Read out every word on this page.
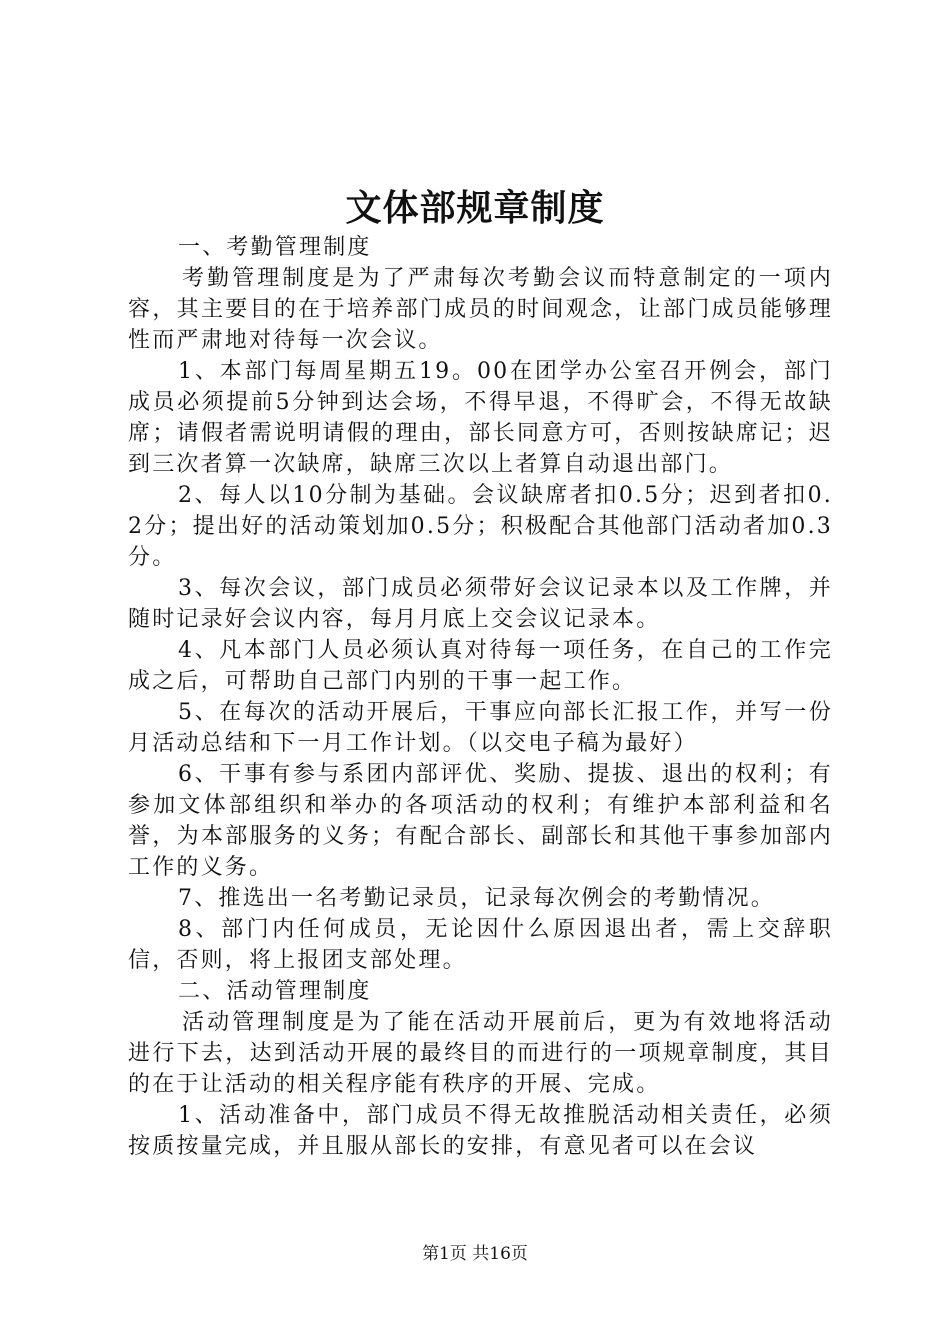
文体部规章制度

一、考勤管理制度

考勤管理制度是为了严肃每次考勤会议而特意制定的一项内容，其主要目的在于培养部门成员的时间观念，让部门成员能够理性而严肃地对待每一次会议。

1、本部门每周星期五19。00在团学办公室召开例会，部门成员必须提前5分钟到达会场，不得早退，不得旷会，不得无故缺席；请假者需说明请假的理由，部长同意方可，否则按缺席记；迟到三次者算一次缺席，缺席三次以上者算自动退出部门。

2、每人以10分制为基础。会议缺席者扣0.5分；迟到者扣0.2分；提出好的活动策划加0.5分；积极配合其他部门活动者加0.3分。

3、每次会议，部门成员必须带好会议记录本以及工作牌，并随时记录好会议内容，每月月底上交会议记录本。

4、凡本部门人员必须认真对待每一项任务，在自己的工作完成之后，可帮助自己部门内别的干事一起工作。

5、在每次的活动开展后，干事应向部长汇报工作，并写一份月活动总结和下一月工作计划。（以交电子稿为最好）

6、干事有参与系团内部评优、奖励、提拔、退出的权利；有参加文体部组织和举办的各项活动的权利；有维护本部利益和名誉，为本部服务的义务；有配合部长、副部长和其他干事参加部内工作的义务。

7、推选出一名考勤记录员，记录每次例会的考勤情况。

8、部门内任何成员，无论因什么原因退出者，需上交辞职信，否则，将上报团支部处理。

二、活动管理制度

活动管理制度是为了能在活动开展前后，更为有效地将活动进行下去，达到活动开展的最终目的而进行的一项规章制度，其目的在于让活动的相关程序能有秩序的开展、完成。

1、活动准备中，部门成员不得无故推脱活动相关责任，必须按质按量完成，并且服从部长的安排，有意见者可以在会议

第1页 共16页
